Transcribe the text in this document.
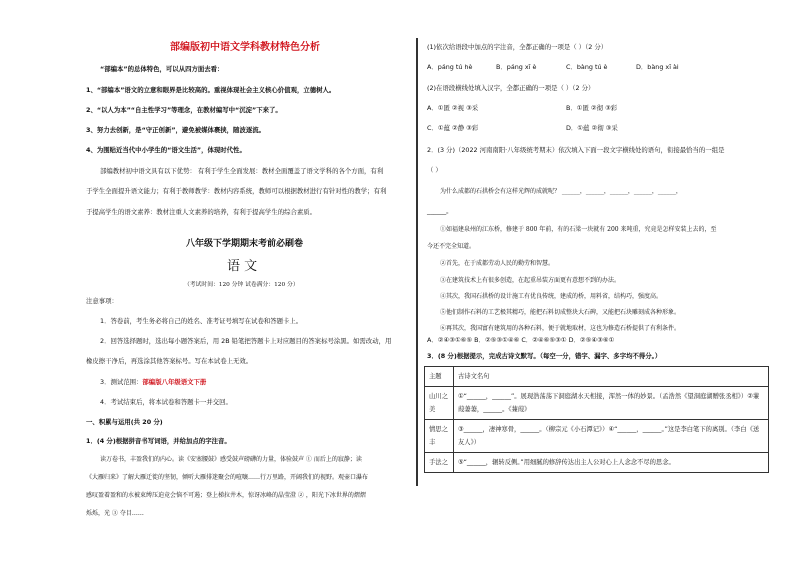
部编版初中语文学科教材特色分析
“部编本”的总体特色，可以从四方面去看：
1、“部编本”语文的立意和眼界是比较高的。重视体现社会主义核心价值观，立德树人。
2、“以人为本”“自主性学习”等理念，在教材编写中“沉淀”下来了。
3、努力去创新，是“守正创新”，避免被媒体裹挟，随波逐流。
4、为围贴近当代中小学生的“语文生活”，体现时代性。
部编教材初中语文具有以下优势： 有利于学生全面发展：教材全面覆盖了语文学科的各个方面，有利
于学生全面提升语文能力；有利于教师教学：教材内容系统，教师可以根据教材进行有针对性的教学；有利
于提高学生的语文素养：教材注重人文素养的培养，有利于提高学生的综合素质。
八年级下学期期末考前必刷卷
语 文
（考试时间：120 分钟 试卷满分：120 分）
注意事项：
1．答卷前，考生务必将自己的姓名、准考证号填写在试卷和答题卡上。
2．回答选择题时，选出每小题答案后，用 2B 铅笔把答题卡上对应题目的答案标号涂黑。如需改动，用
橡皮擦干净后，再选涂其他答案标号。写在本试卷上无效。
3．测试范围：部编版八年级语文下册
4．考试结束后，将本试卷和答题卡一并交回。
一、积累与运用(共 20 分)
1．(4 分)根据拼音书写词语，并给加点的字注音。
读万卷书，丰盈我们的内心。读《安塞腰鼓》感受鼓声磅礴的力量，体验鼓声 ① 而后上的寂静；读
《大雁归来》了解大雁迁徙的坚韧，倾听大雁排迷聚会的喧嚷……行万里路，开阔我们的视野。观壶口瀑布
感叹盈着盈和的水被束缚压迫竟会恼不可遏；登上梯拉井木，惊讶冰峰的晶莹澄 ② ，阳光下冰世界的熠熠
烁烁，光 ③ 夺目……
(1)依次给语段中加点的字注音，全都正确的一项是（ ）（2 分）
A．páng tú hè	B．páng xī è	C．bàng tú è	D．bàng xī ài
(2)在语段横线处填入汉字，全都正确的一项是（ ）（2 分）
A．①匿 ②视 ③采	B．①匿 ②彻 ③彩
C．①蕴 ②静 ③彩	D．①蕴 ②彻 ③采
2．(3 分)（2022 河南南阳·八年级统考期末）依次填入下面一段文字横线处的语句，衔接最恰当的一组是
（ ）
为什么成都的石拱桥会有这样光辉的成就呢？ ______，______，______，______，______，
______。
①如福建泉州的江东桥，修建于 800 年前，有的石梁一块就有 200 来吨重，究竟是怎样安装上去的，至
今还不完全知道。
②首先，在于成都劳动人民的勤劳和智慧。
③在建筑技术上有很多创造，在起重吊装方面更有意想不到的办法。
④其次，我国石拱桥的设计施工有优良传统，建成的桥，用料省，结构巧，强度高。
⑤他们制作石料的工艺极其精巧，能把石料切成整块大石碑，又能把石块雕刻成各种形象。
⑥再其次，我国富有建筑用的各种石料，便于就地取材，这也为修造石桥提供了有利条件。
A．②④③①⑥⑤ B．②⑤③①④⑥ C．②④⑥⑤③① D．②⑤④③⑥①
3．(8 分)根据提示，完成古诗文默写。（每空一分，错字、漏字、多字均不得分。）
主题	古诗文名句
山川之美	①“______，______”。展现浩荡荡下洞庭湖水天相接，浑然一体的妙景。（孟浩然《望洞庭湖赠张丞相》）②蒹葭萋萋，______。《蒹葭》
情思之丰	③______，凄神寒骨，______。（柳宗元《小石潭记》）④“______，______。”这是李白笔下的离别。（李白《送友人》）
手法之	⑤“______，辗转反侧。”用细腻的修辞传达出主人公对心上人念念不尽的思念。
